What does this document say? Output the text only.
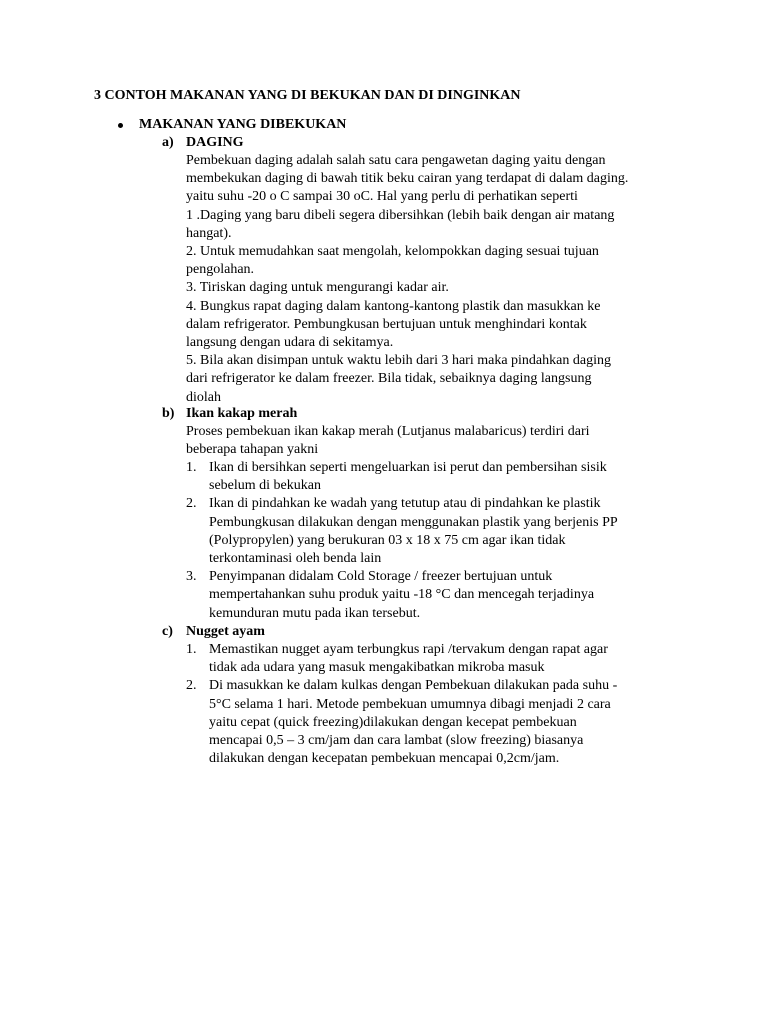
3 CONTOH MAKANAN YANG DI BEKUKAN DAN DI DINGINKAN
MAKANAN YANG DIBEKUKAN
a) DAGING

Pembekuan daging adalah salah satu cara pengawetan daging yaitu dengan

membekukan daging di bawah titik beku cairan yang terdapat di dalam daging.

yaitu suhu -20 o C sampai 30 oC. Hal yang perlu di perhatikan seperti

1 .Daging yang baru dibeli segera dibersihkan (lebih baik dengan air matang

hangat).

2. Untuk memudahkan saat mengolah, kelompokkan daging sesuai tujuan

pengolahan.

3. Tiriskan daging untuk mengurangi kadar air.

4. Bungkus rapat daging dalam kantong-kantong plastik dan masukkan ke

dalam refrigerator. Pembungkusan bertujuan untuk menghindari kontak

langsung dengan udara di sekitamya.

5. Bila akan disimpan untuk waktu lebih dari 3 hari maka pindahkan daging

dari refrigerator ke dalam freezer. Bila tidak, sebaiknya daging langsung

diolah

b) Ikan kakap merah

Proses pembekuan ikan kakap merah (Lutjanus malabaricus) terdiri dari

beberapa tahapan yakni

1. Ikan di bersihkan seperti mengeluarkan isi perut dan pembersihan sisik
sebelum di bekukan
2. Ikan di pindahkan ke wadah yang tetutup atau di pindahkan ke plastik
Pembungkusan dilakukan dengan menggunakan plastik yang berjenis PP
(Polypropylen) yang berukuran 03 x 18 x 75 cm agar ikan tidak
terkontaminasi oleh benda lain
3. Penyimpanan didalam Cold Storage / freezer bertujuan untuk
mempertahankan suhu produk yaitu -18 °C dan mencegah terjadinya
kemunduran mutu pada ikan tersebut.
c) Nugget ayam
1. Memastikan nugget ayam terbungkus rapi /tervakum dengan rapat agar
tidak ada udara yang masuk mengakibatkan mikroba masuk
2. Di masukkan ke dalam kulkas dengan Pembekuan dilakukan pada suhu -
5°C selama 1 hari. Metode pembekuan umumnya dibagi menjadi 2 cara
yaitu cepat (quick freezing)dilakukan dengan kecepat pembekuan
mencapai 0,5 – 3 cm/jam dan cara lambat (slow freezing) biasanya
dilakukan dengan kecepatan pembekuan mencapai 0,2cm/jam.
